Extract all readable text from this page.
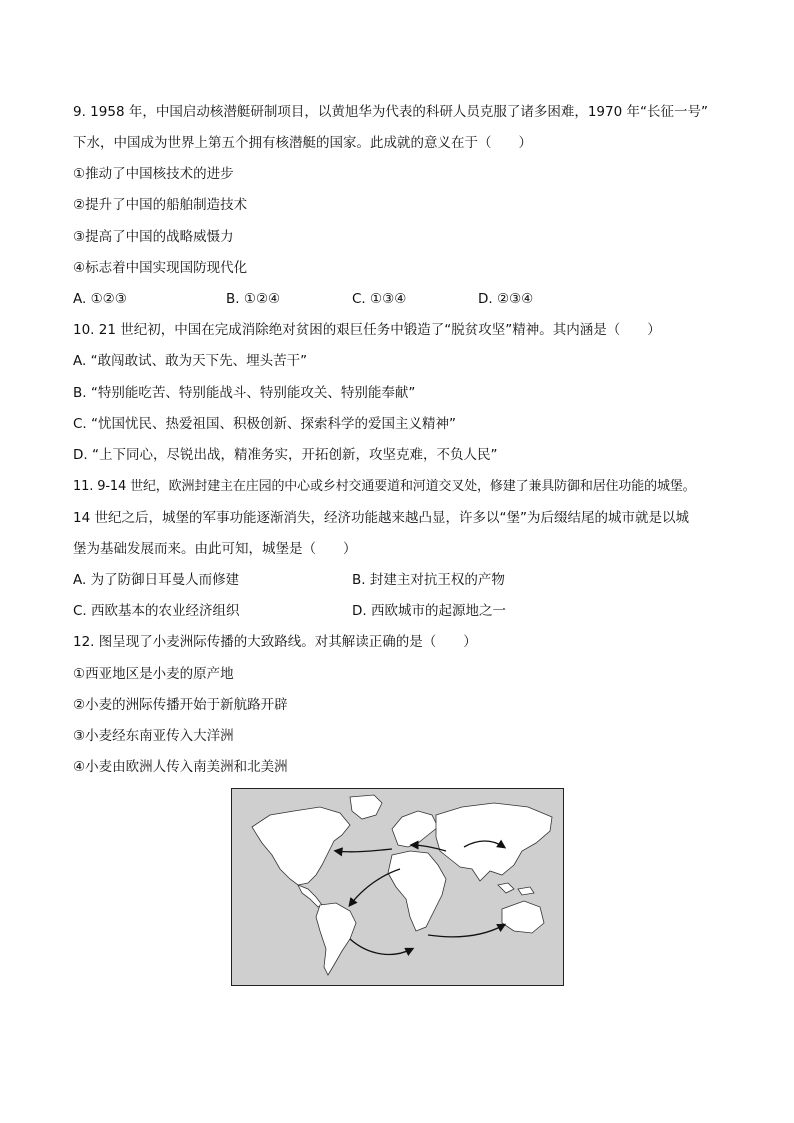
9. 1958 年，中国启动核潜艇研制项目，以黄旭华为代表的科研人员克服了诸多困难，1970 年“长征一号”
下水，中国成为世界上第五个拥有核潜艇的国家。此成就的意义在于（　　）
①推动了中国核技术的进步
②提升了中国的船舶制造技术
③提高了中国的战略威慑力
④标志着中国实现国防现代化
A. ①②③	B. ①②④	C. ①③④	D. ②③④
10. 21 世纪初，中国在完成消除绝对贫困的艰巨任务中锻造了“脱贫攻坚”精神。其内涵是（　　）
A. “敢闯敢试、敢为天下先、埋头苦干”
B. “特别能吃苦、特别能战斗、特别能攻关、特别能奉献”
C. “忧国忧民、热爱祖国、积极创新、探索科学的爱国主义精神”
D. “上下同心，尽锐出战，精准务实，开拓创新，攻坚克难，不负人民”
11. 9-14 世纪，欧洲封建主在庄园的中心或乡村交通要道和河道交叉处，修建了兼具防御和居住功能的城堡。
14 世纪之后，城堡的军事功能逐渐消失，经济功能越来越凸显，许多以“堡”为后缀结尾的城市就是以城
堡为基础发展而来。由此可知，城堡是（　　）
A. 为了防御日耳曼人而修建	B. 封建主对抗王权的产物
C. 西欧基本的农业经济组织	D. 西欧城市的起源地之一
12. 图呈现了小麦洲际传播的大致路线。对其解读正确的是（　　）
①西亚地区是小麦的原产地
②小麦的洲际传播开始于新航路开辟
③小麦经东南亚传入大洋洲
④小麦由欧洲人传入南美洲和北美洲
